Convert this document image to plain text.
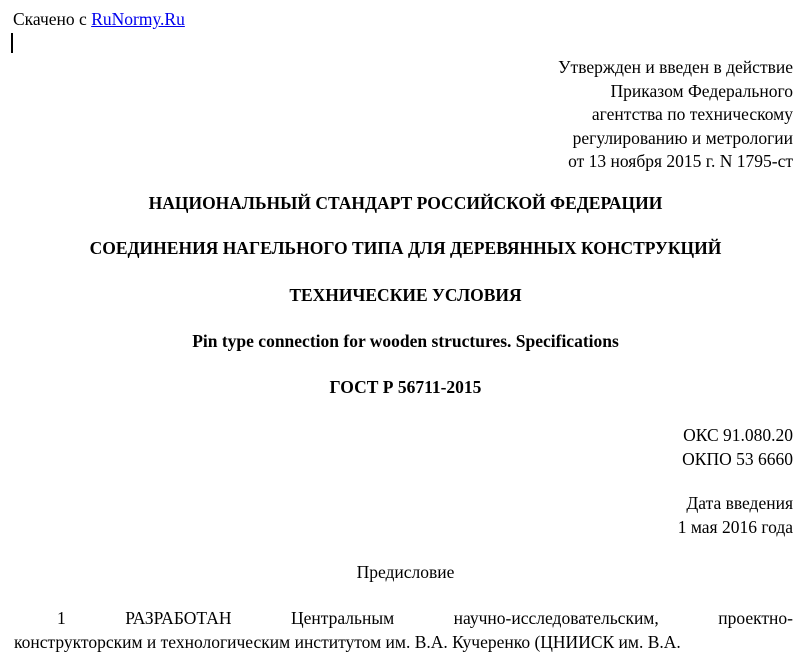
Скачено с RuNormy.Ru
Утвержден и введен в действие
Приказом Федерального
агентства по техническому
регулированию и метрологии
от 13 ноября 2015 г. N 1795-ст
НАЦИОНАЛЬНЫЙ СТАНДАРТ РОССИЙСКОЙ ФЕДЕРАЦИИ
СОЕДИНЕНИЯ НАГЕЛЬНОГО ТИПА ДЛЯ ДЕРЕВЯННЫХ КОНСТРУКЦИЙ
ТЕХНИЧЕСКИЕ УСЛОВИЯ
Pin type connection for wooden structures. Specifications
ГОСТ Р 56711-2015
ОКС 91.080.20
ОКПО 53 6660
Дата введения
1 мая 2016 года
Предисловие
1	РАЗРАБОТАН	Центральным	научно-исследовательским,	проектно-
конструкторским и технологическим институтом им. В.А. Кучеренко (ЦНИИСК им. В.А.
